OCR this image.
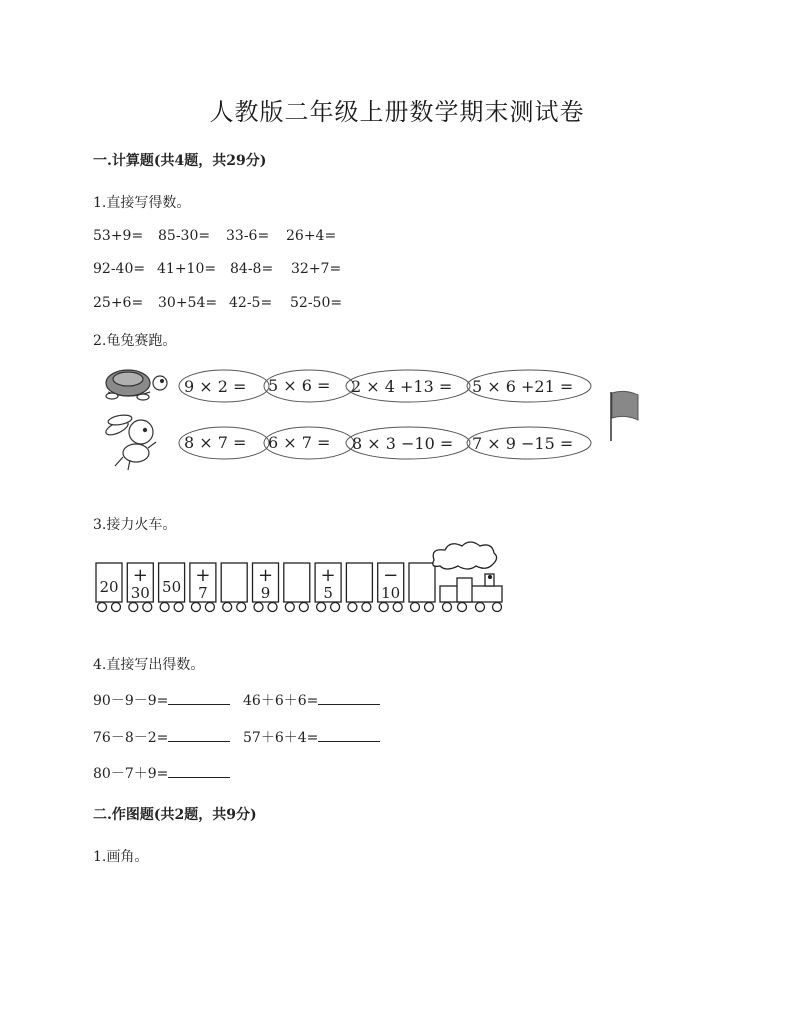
人教版二年级上册数学期末测试卷
一.计算题(共4题，共29分)
1.直接写得数。
53+9= 85-30= 33-6= 26+4=
92-40= 41+10= 84-8= 32+7=
25+6= 30+54= 42-5= 52-50=
2.龟兔赛跑。
9 × 2 = 5 × 6 = 2 × 4 +13 = 5 × 6 +21 =
8 × 7 = 6 × 7 = 8 × 3 −10 = 7 × 9 −15 =
20
+
30 50
+
7
+
9
+
5
−
10
3.接力火车。
4.直接写出得数。
90－9－9=	46＋6＋6=
76－8－2=	57＋6＋4=
80－7＋9=
二.作图题(共2题，共9分)
1.画角。
